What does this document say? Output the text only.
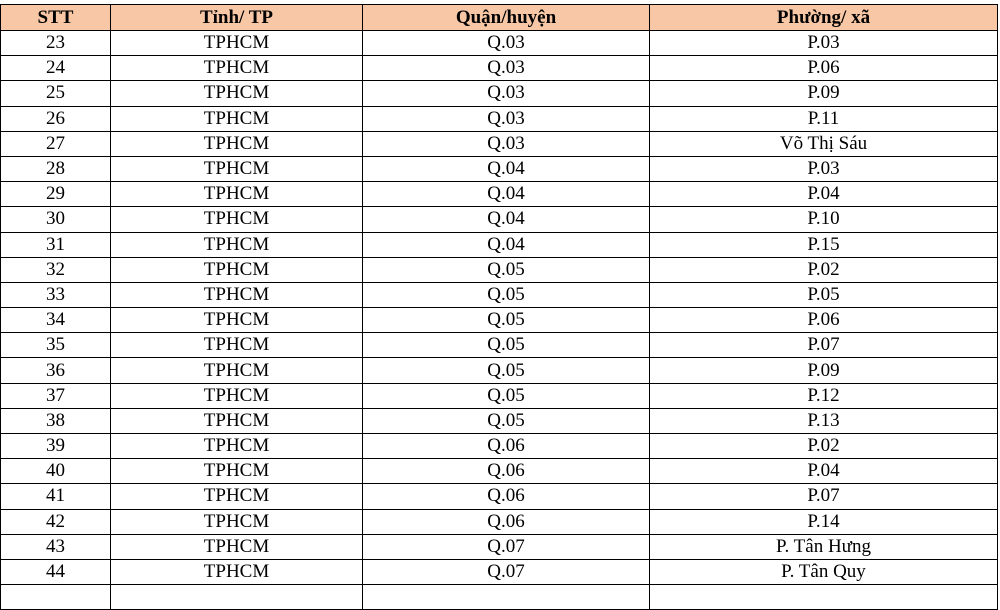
STT	Tỉnh/ TP	Quận/huyện	Phường/ xã
23	TPHCM	Q.03	P.03
24	TPHCM	Q.03	P.06
25	TPHCM	Q.03	P.09
26	TPHCM	Q.03	P.11
27	TPHCM	Q.03	Võ Thị Sáu
28	TPHCM	Q.04	P.03
29	TPHCM	Q.04	P.04
30	TPHCM	Q.04	P.10
31	TPHCM	Q.04	P.15
32	TPHCM	Q.05	P.02
33	TPHCM	Q.05	P.05
34	TPHCM	Q.05	P.06
35	TPHCM	Q.05	P.07
36	TPHCM	Q.05	P.09
37	TPHCM	Q.05	P.12
38	TPHCM	Q.05	P.13
39	TPHCM	Q.06	P.02
40	TPHCM	Q.06	P.04
41	TPHCM	Q.06	P.07
42	TPHCM	Q.06	P.14
43	TPHCM	Q.07	P. Tân Hưng
44	TPHCM	Q.07	P. Tân Quy
